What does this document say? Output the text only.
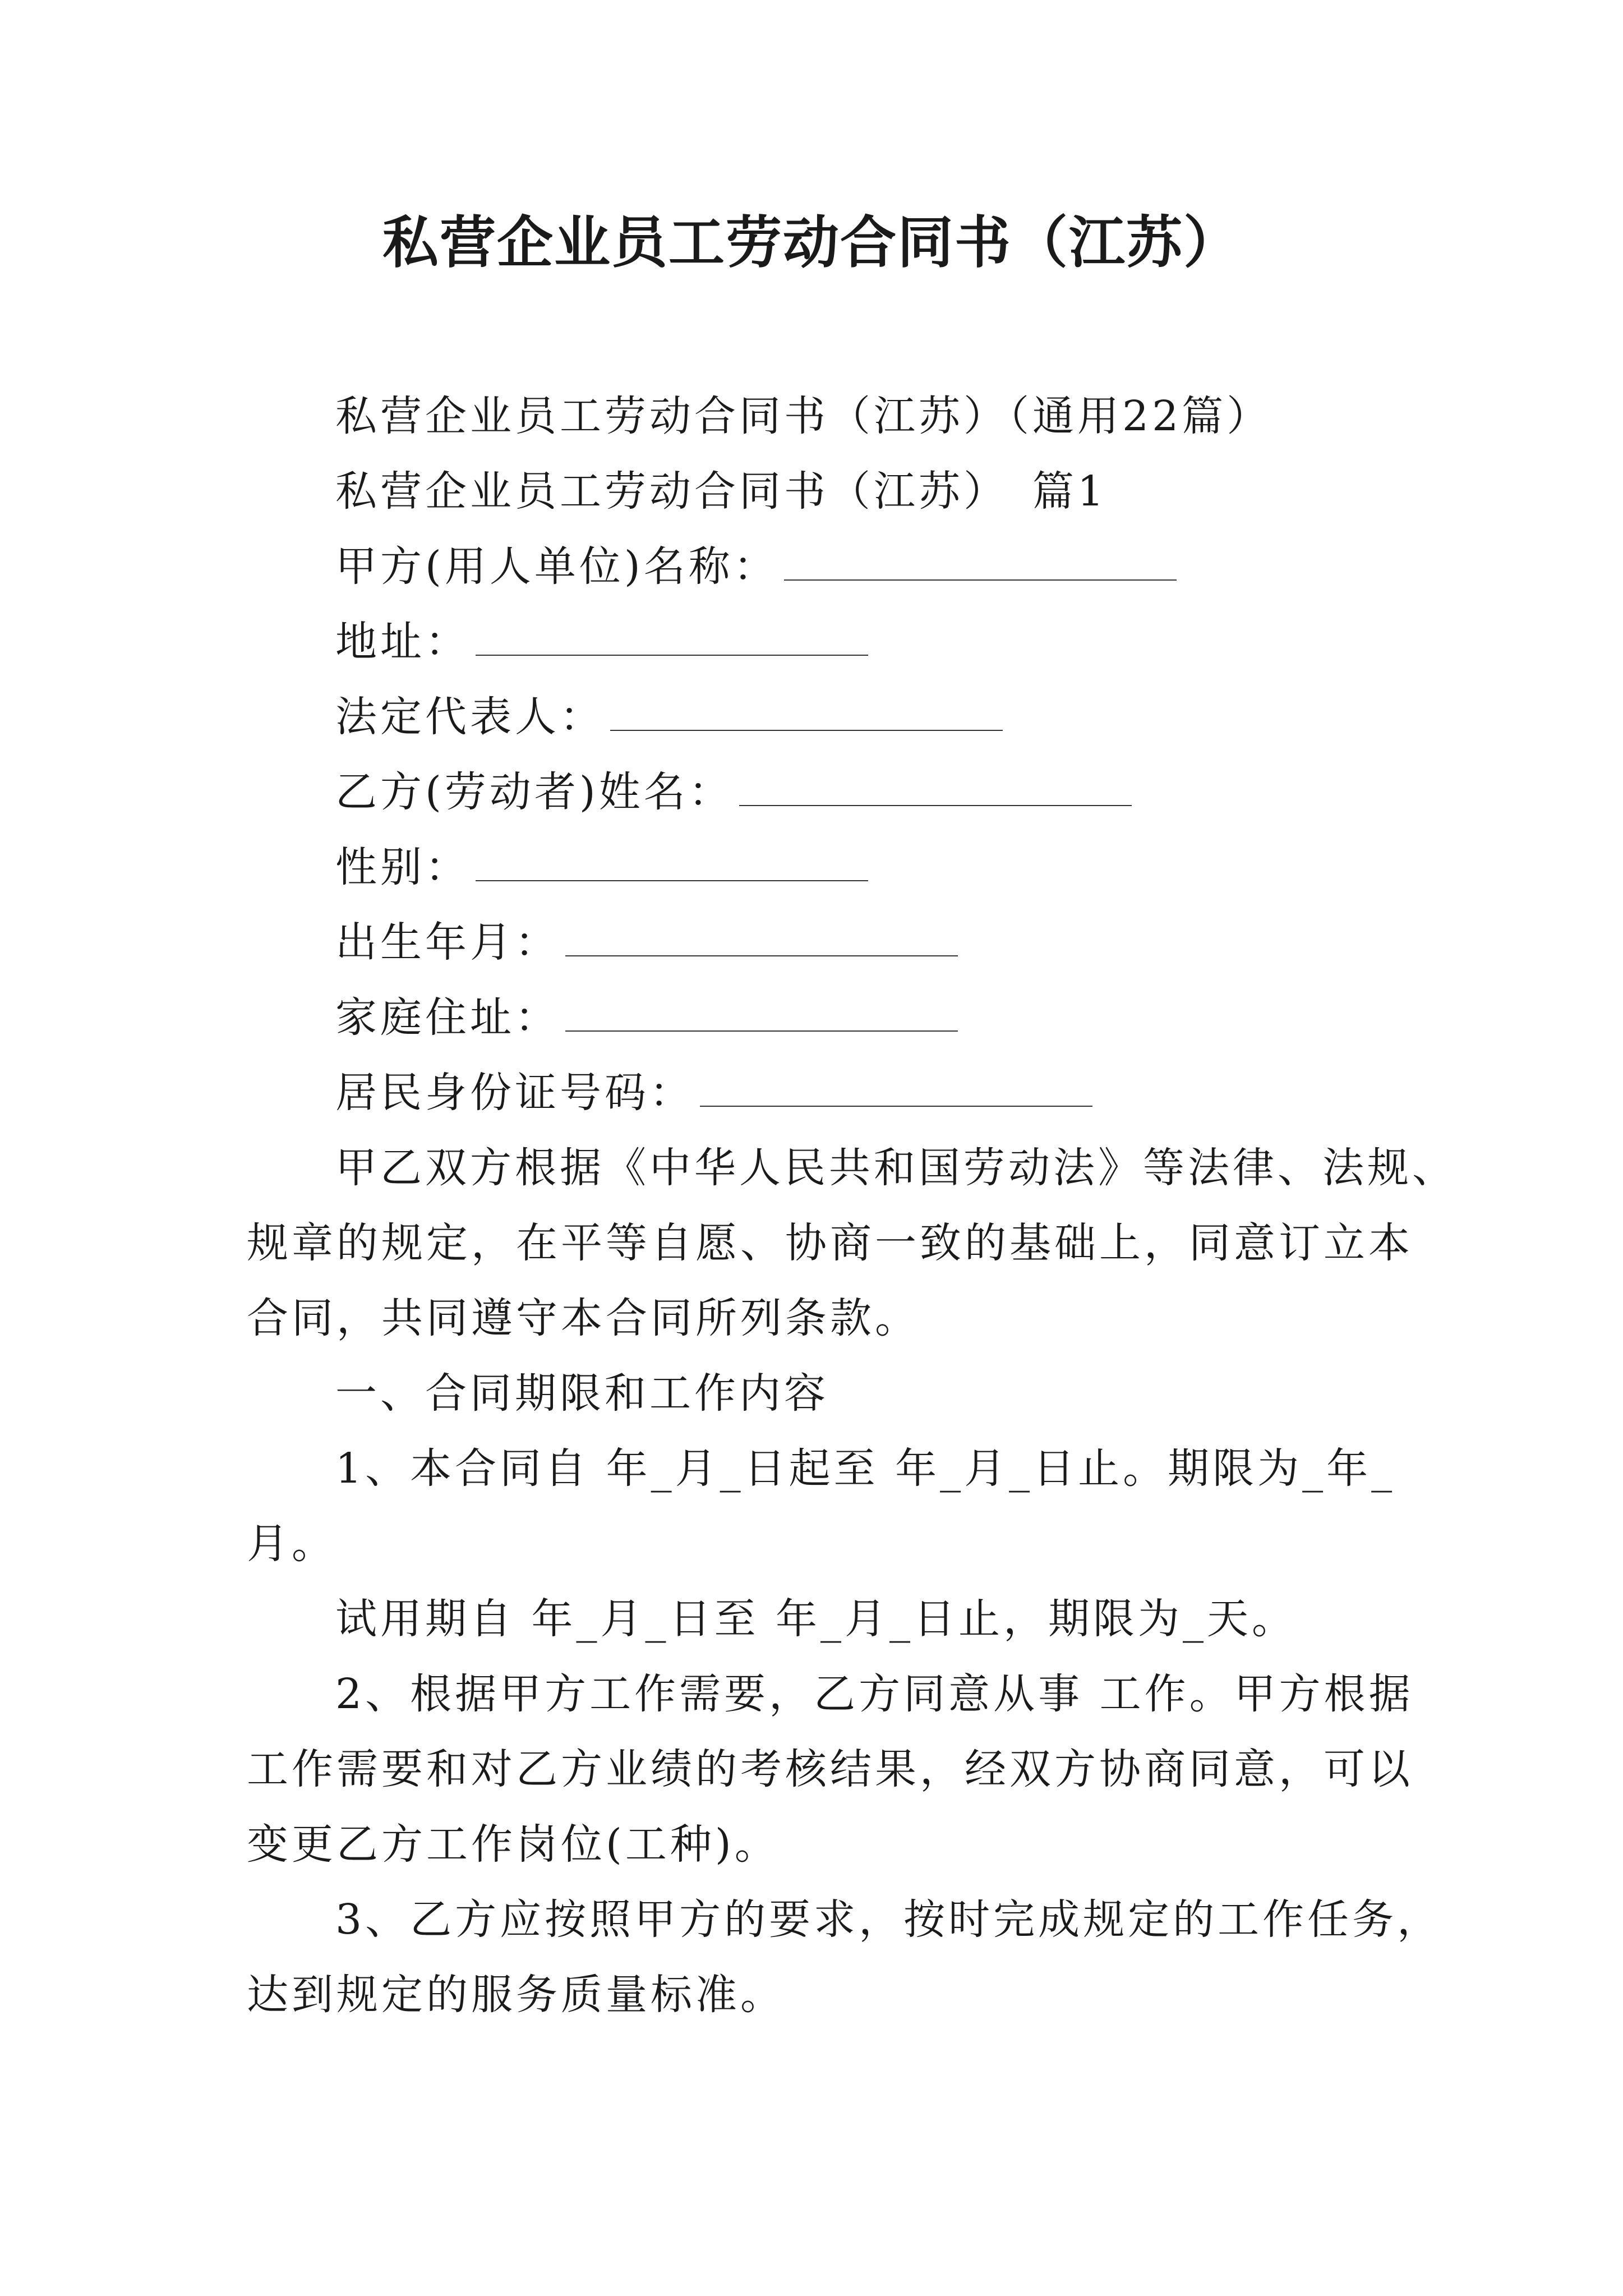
私营企业员工劳动合同书（江苏）
私营企业员工劳动合同书（江苏）（通用22篇）
私营企业员工劳动合同书（江苏）　篇1
甲方(用人单位)名称：
地址：
法定代表人：
乙方(劳动者)姓名：
性别：
出生年月：
家庭住址：
居民身份证号码：
甲乙双方根据《中华人民共和国劳动法》等法律、法规、
规章的规定，在平等自愿、协商一致的基础上，同意订立本
合同，共同遵守本合同所列条款。
一、合同期限和工作内容
1、本合同自 年_月_日起至 年_月_日止。期限为_年_
月。
试用期自 年_月_日至 年_月_日止，期限为_天。
2、根据甲方工作需要，乙方同意从事 工作。甲方根据
工作需要和对乙方业绩的考核结果，经双方协商同意，可以
变更乙方工作岗位(工种)。
3、乙方应按照甲方的要求，按时完成规定的工作任务，
达到规定的服务质量标准。
